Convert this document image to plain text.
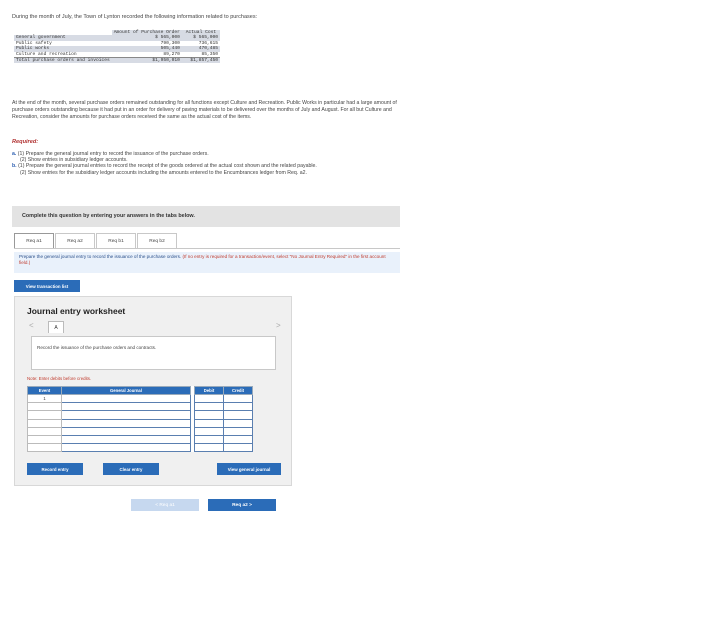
During the month of July, the Town of Lynton recorded the following information related to purchases:
	Amount of Purchase Order	Actual Cost
General government	$ 565,000	$ 565,000
Public safety	790,300	736,615
Public works	505,440	470,485
Culture and recreation	89,270	85,350
Total purchase orders and invoices	$1,950,010	$1,857,450
At the end of the month, several purchase orders remained outstanding for all functions except Culture and Recreation. Public Works in particular had a large amount of purchase orders outstanding because it had put in an order for delivery of paving materials to be delivered over the months of July and August. For all but Culture and Recreation, consider the amounts for purchase orders received the same as the actual cost of the items.
Required:
a. (1) Prepare the general journal entry to record the issuance of the purchase orders.
(2) Show entries in subsidiary ledger accounts.
b. (1) Prepare the general journal entries to record the receipt of the goods ordered at the actual cost shown and the related payable.
(2) Show entries for the subsidiary ledger accounts including the amounts entered to the Encumbrances ledger from Req. a2.
Complete this question by entering your answers in the tabs below.
Req a1	Req a2	Req b1	Req b2
Prepare the general journal entry to record the issuance of the purchase orders. (If no entry is required for a transaction/event, select "No Journal Entry Required" in the first account field.)
View transaction list
Journal entry worksheet
<	A	>
Record the issuance of the purchase orders and contracts.
Note: Enter debits before credits.
Event	General Journal		Debit	Credit
1				

Record entry	Clear entry	View general journal
< Req a1	Req a2 >
